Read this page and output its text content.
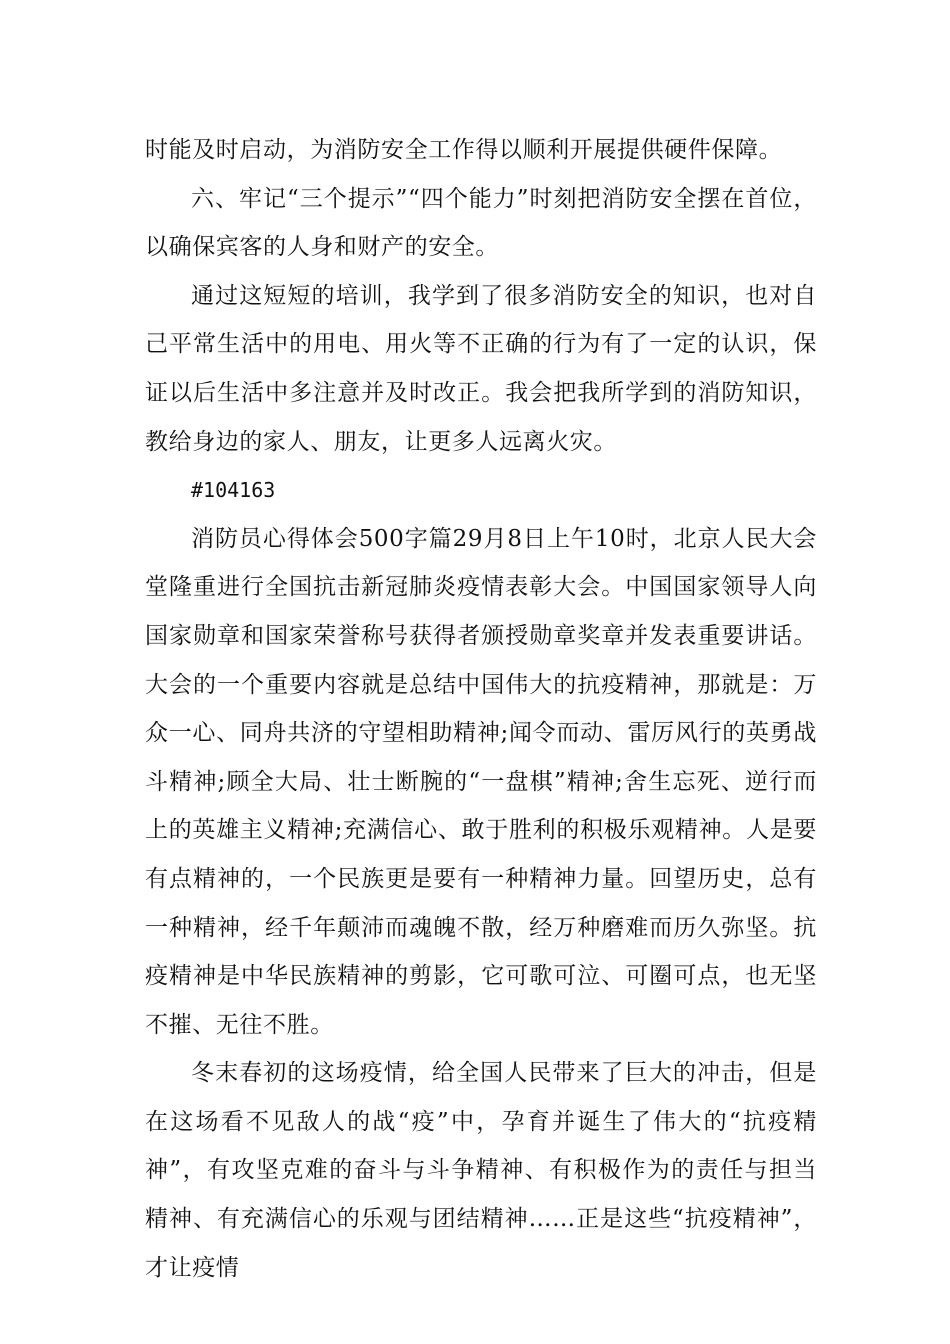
时能及时启动，为消防安全工作得以顺利开展提供硬件保障。

六、牢记“三个提示”“四个能力”时刻把消防安全摆在首位，以确保宾客的人身和财产的安全。

通过这短短的培训，我学到了很多消防安全的知识，也对自己平常生活中的用电、用火等不正确的行为有了一定的认识，保证以后生活中多注意并及时改正。我会把我所学到的消防知识，教给身边的家人、朋友，让更多人远离火灾。

#104163

消防员心得体会500字篇29月8日上午10时，北京人民大会堂隆重进行全国抗击新冠肺炎疫情表彰大会。中国国家领导人向国家勋章和国家荣誉称号获得者颁授勋章奖章并发表重要讲话。大会的一个重要内容就是总结中国伟大的抗疫精神，那就是：万众一心、同舟共济的守望相助精神;闻令而动、雷厉风行的英勇战斗精神;顾全大局、壮士断腕的“一盘棋”精神;舍生忘死、逆行而上的英雄主义精神;充满信心、敢于胜利的积极乐观精神。人是要有点精神的，一个民族更是要有一种精神力量。回望历史，总有一种精神，经千年颠沛而魂魄不散，经万种磨难而历久弥坚。抗疫精神是中华民族精神的剪影，它可歌可泣、可圈可点，也无坚不摧、无往不胜。

冬末春初的这场疫情，给全国人民带来了巨大的冲击，但是在这场看不见敌人的战“疫”中，孕育并诞生了伟大的“抗疫精神”，有攻坚克难的奋斗与斗争精神、有积极作为的责任与担当精神、有充满信心的乐观与团结精神……正是这些“抗疫精神”，才让疫情
